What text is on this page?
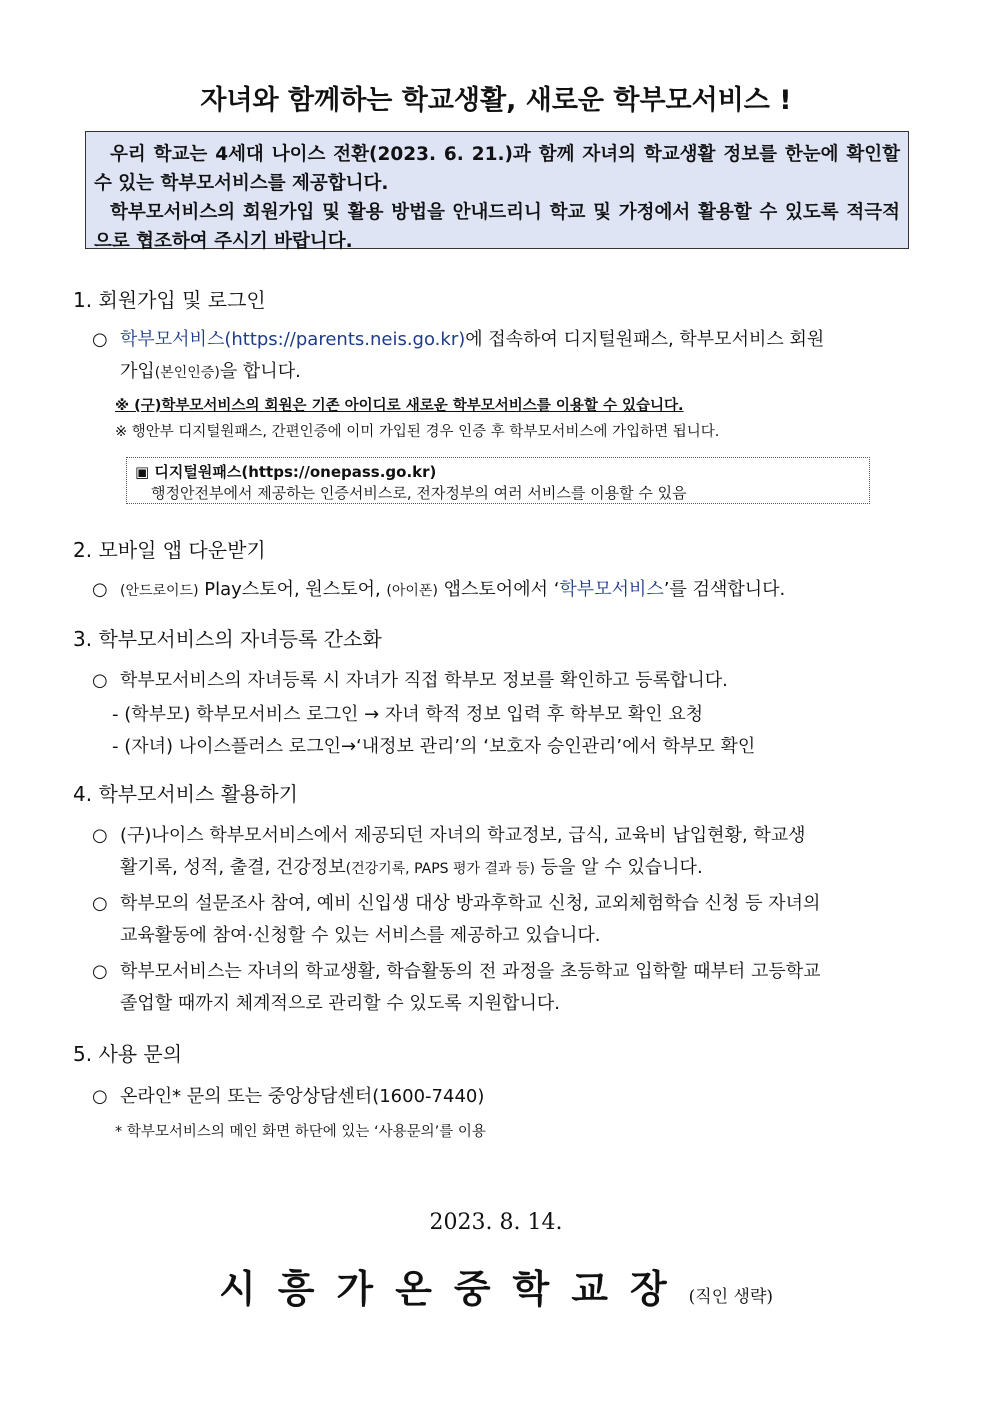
자녀와 함께하는 학교생활, 새로운 학부모서비스 !

우리 학교는 4세대 나이스 전환(2023. 6. 21.)과 함께 자녀의 학교생활 정보를 한눈에 확인할 수 있는 학부모서비스를 제공합니다.

학부모서비스의 회원가입 및 활용 방법을 안내드리니 학교 및 가정에서 활용할 수 있도록 적극적으로 협조하여 주시기 바랍니다.

1. 회원가입 및 로그인
○ 학부모서비스(https://parents.neis.go.kr)에 접속하여 디지털원패스, 학부모서비스 회원
가입(본인인증)을 합니다.
※ (구)학부모서비스의 회원은 기존 아이디로 새로운 학부모서비스를 이용할 수 있습니다.
※ 행안부 디지털원패스, 간편인증에 이미 가입된 경우 인증 후 학부모서비스에 가입하면 됩니다.
▣ 디지털원패스(https://onepass.go.kr)
행정안전부에서 제공하는 인증서비스로, 전자정부의 여러 서비스를 이용할 수 있음
2. 모바일 앱 다운받기
○ (안드로이드) Play스토어, 원스토어, (아이폰) 앱스토어에서 ‘학부모서비스’를 검색합니다.
3. 학부모서비스의 자녀등록 간소화
○ 학부모서비스의 자녀등록 시 자녀가 직접 학부모 정보를 확인하고 등록합니다.
- (학부모) 학부모서비스 로그인 → 자녀 학적 정보 입력 후 학부모 확인 요청
- (자녀) 나이스플러스 로그인→‘내정보 관리’의 ‘보호자 승인관리’에서 학부모 확인
4. 학부모서비스 활용하기
○ (구)나이스 학부모서비스에서 제공되던 자녀의 학교정보, 급식, 교육비 납입현황, 학교생
활기록, 성적, 출결, 건강정보(건강기록, PAPS 평가 결과 등) 등을 알 수 있습니다.
○ 학부모의 설문조사 참여, 예비 신입생 대상 방과후학교 신청, 교외체험학습 신청 등 자녀의
교육활동에 참여·신청할 수 있는 서비스를 제공하고 있습니다.
○ 학부모서비스는 자녀의 학교생활, 학습활동의 전 과정을 초등학교 입학할 때부터 고등학교
졸업할 때까지 체계적으로 관리할 수 있도록 지원합니다.
5. 사용 문의
○ 온라인* 문의 또는 중앙상담센터(1600-7440)
* 학부모서비스의 메인 화면 하단에 있는 ‘사용문의’를 이용
2023. 8. 14.
시흥가온중학교장(직인 생략)
